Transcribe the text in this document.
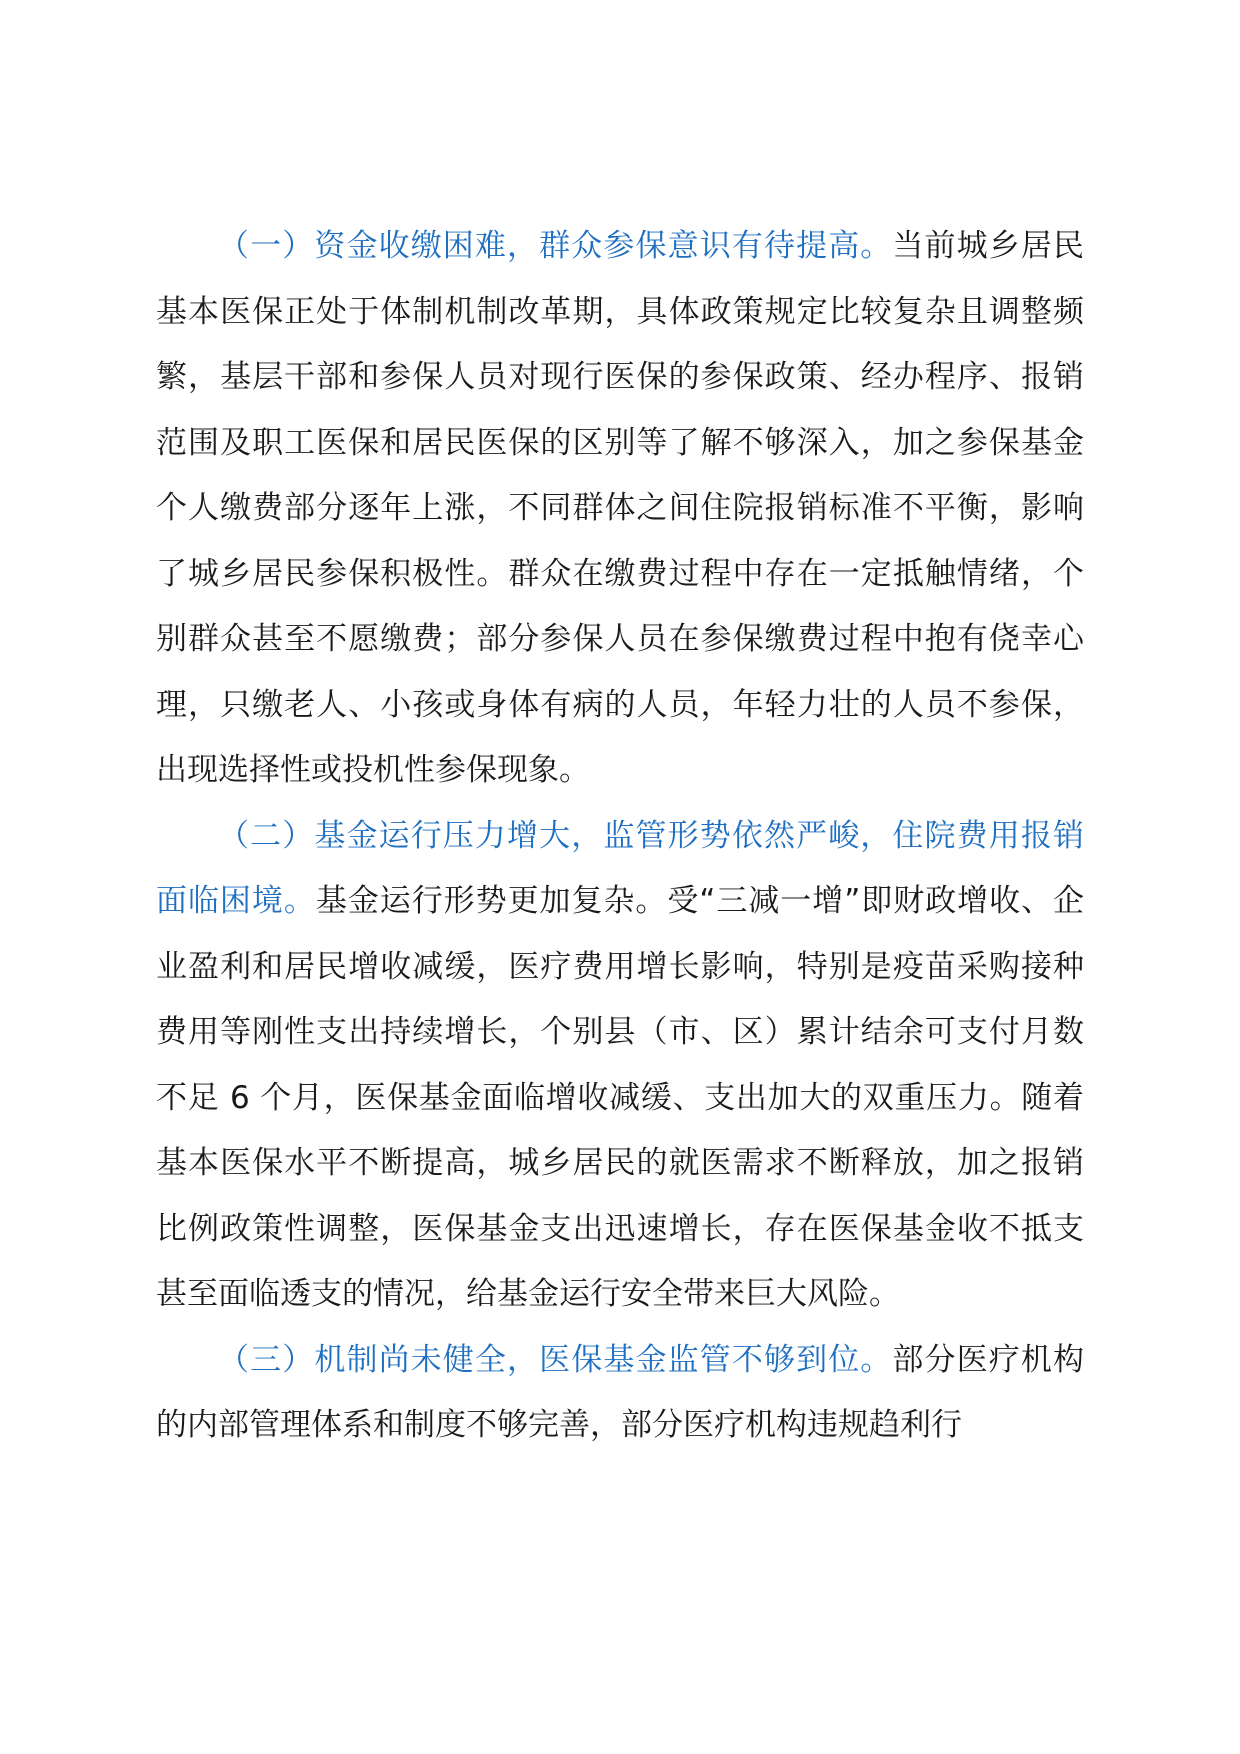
（一）资金收缴困难，群众参保意识有待提高。当前城乡居民基本医保正处于体制机制改革期，具体政策规定比较复杂且调整频繁，基层干部和参保人员对现行医保的参保政策、经办程序、报销范围及职工医保和居民医保的区别等了解不够深入，加之参保基金个人缴费部分逐年上涨，不同群体之间住院报销标准不平衡，影响了城乡居民参保积极性。群众在缴费过程中存在一定抵触情绪，个别群众甚至不愿缴费；部分参保人员在参保缴费过程中抱有侥幸心理，只缴老人、小孩或身体有病的人员，年轻力壮的人员不参保，出现选择性或投机性参保现象。

（二）基金运行压力增大，监管形势依然严峻，住院费用报销面临困境。基金运行形势更加复杂。受“三减一增”即财政增收、企业盈利和居民增收减缓，医疗费用增长影响，特别是疫苗采购接种费用等刚性支出持续增长，个别县（市、区）累计结余可支付月数不足 6 个月，医保基金面临增收减缓、支出加大的双重压力。随着基本医保水平不断提高，城乡居民的就医需求不断释放，加之报销比例政策性调整，医保基金支出迅速增长，存在医保基金收不抵支甚至面临透支的情况，给基金运行安全带来巨大风险。

（三）机制尚未健全，医保基金监管不够到位。部分医疗机构的内部管理体系和制度不够完善，部分医疗机构违规趋利行
